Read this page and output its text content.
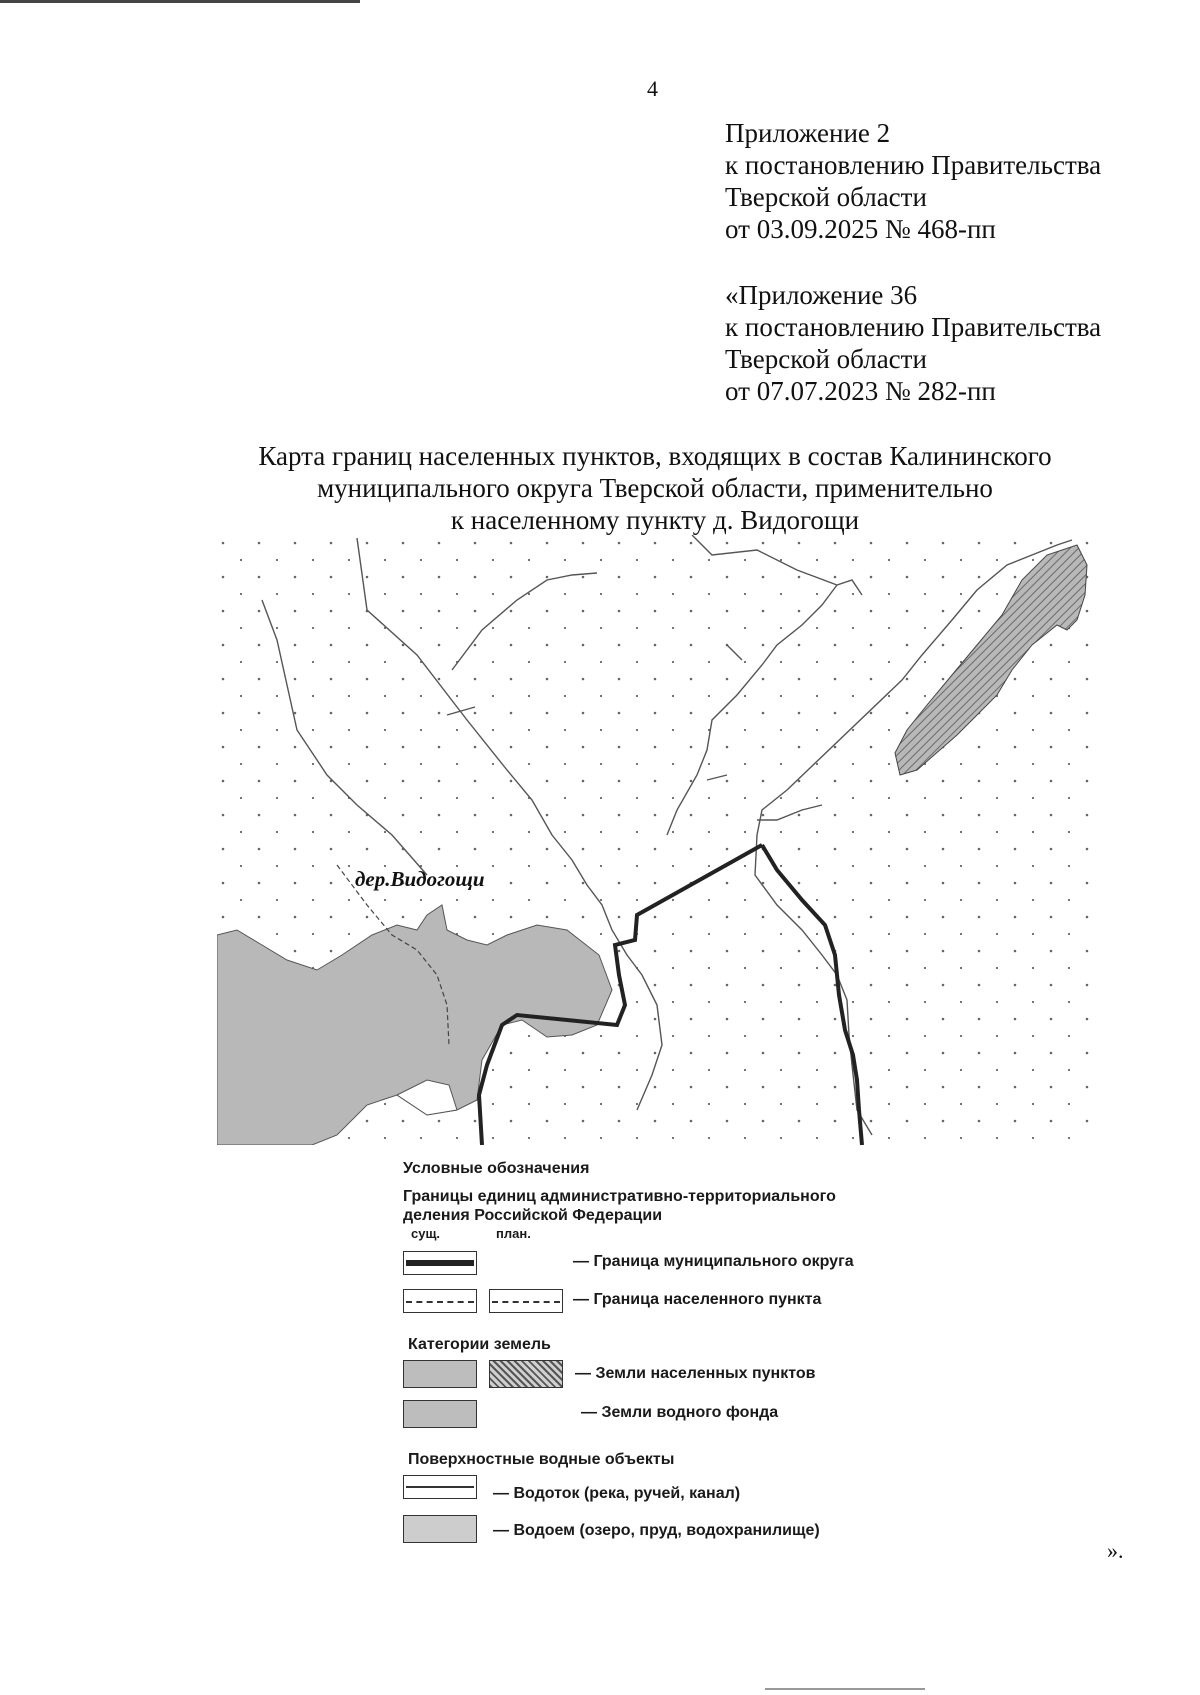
4
Приложение 2
к постановлению Правительства
Тверской области
от 03.09.2025 № 468-пп
«Приложение 36
к постановлению Правительства
Тверской области
от 07.07.2023 № 282-пп
Карта границ населенных пунктов, входящих в состав Калининского
муниципального округа Тверской области, применительно
к населенному пункту д. Видогощи
дер.Видогощи
Условные обозначения
Границы единиц административно-территориального
деления Российской Федерации
сущ.	план.
— Граница муниципального округа
— Граница населенного пункта
Категории земель
— Земли населенных пунктов
— Земли водного фонда
Поверхностные водные объекты
— Водоток (река, ручей, канал)
— Водоем (озеро, пруд, водохранилище)
».
